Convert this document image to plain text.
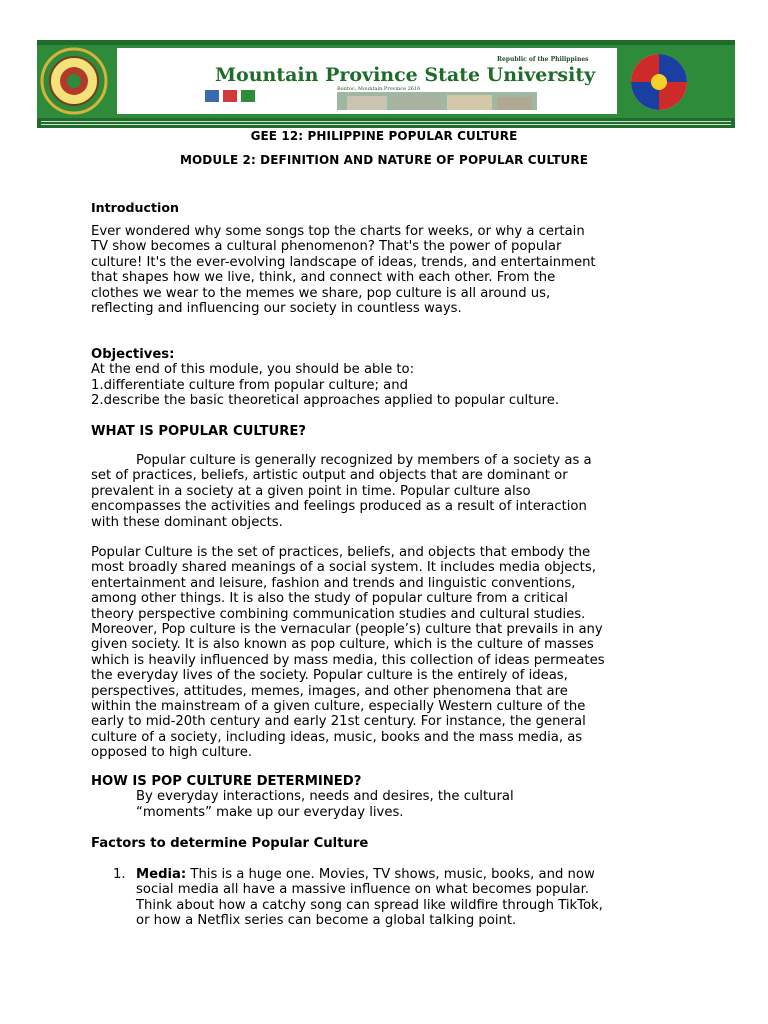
Republic of the Philippines
Mountain Province State University
Bontoc, Mountain Province 2616
GEE 12: PHILIPPINE POPULAR CULTURE
MODULE 2: DEFINITION AND NATURE OF POPULAR CULTURE
Introduction

Ever wondered why some songs top the charts for weeks, or why a certain

TV show becomes a cultural phenomenon? That's the power of popular

culture! It's the ever-evolving landscape of ideas, trends, and entertainment

that shapes how we live, think, and connect with each other. From the

clothes we wear to the memes we share, pop culture is all around us,

reflecting and influencing our society in countless ways.

Objectives:

At the end of this module, you should be able to:

1.differentiate culture from popular culture; and

2.describe the basic theoretical approaches applied to popular culture.

WHAT IS POPULAR CULTURE?

Popular culture is generally recognized by members of a society as a

set of practices, beliefs, artistic output and objects that are dominant or

prevalent in a society at a given point in time. Popular culture also

encompasses the activities and feelings produced as a result of interaction

with these dominant objects.

Popular Culture is the set of practices, beliefs, and objects that embody the

most broadly shared meanings of a social system. It includes media objects,

entertainment and leisure, fashion and trends and linguistic conventions,

among other things. It is also the study of popular culture from a critical

theory perspective combining communication studies and cultural studies.

Moreover, Pop culture is the vernacular (people’s) culture that prevails in any

given society. It is also known as pop culture, which is the culture of masses

which is heavily influenced by mass media, this collection of ideas permeates

the everyday lives of the society. Popular culture is the entirely of ideas,

perspectives, attitudes, memes, images, and other phenomena that are

within the mainstream of a given culture, especially Western culture of the

early to mid-20th century and early 21st century. For instance, the general

culture of a society, including ideas, music, books and the mass media, as

opposed to high culture.

HOW IS POP CULTURE DETERMINED?

By everyday interactions, needs and desires, the cultural

“moments” make up our everyday lives.

Factors to determine Popular Culture
1. Media: This is a huge one. Movies, TV shows, music, books, and now

social media all have a massive influence on what becomes popular.

Think about how a catchy song can spread like wildfire through TikTok,

or how a Netflix series can become a global talking point.
